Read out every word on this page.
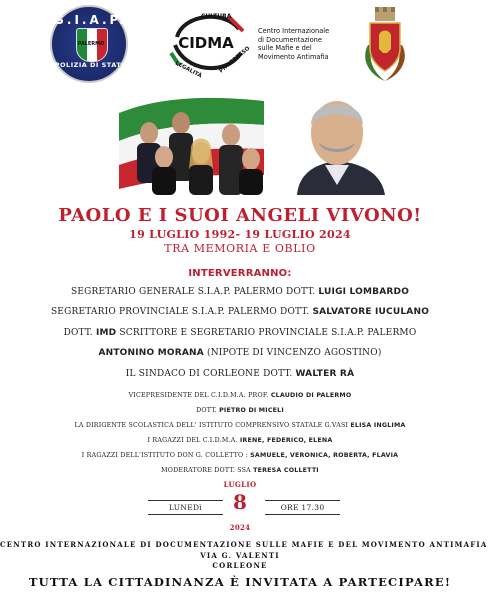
S.I.A.P.
PALERMO
POLIZIA DI STATO
CULTURA
CIDMA
LEGALITÀ	PROGRESSO
Centro Internazionale
di Documentazione
sulle Mafie e del
Movimento Antimafia
PAOLO E I SUOI ANGELI VIVONO!
19 LUGLIO 1992- 19 LUGLIO 2024
TRA MEMORIA E OBLIO
INTERVERRANNO:
SEGRETARIO GENERALE S.I.A.P. PALERMO DOTT. LUIGI LOMBARDO
SEGRETARIO PROVINCIALE S.I.A.P. PALERMO DOTT. SALVATORE IUCULANO
DOTT. IMD SCRITTORE E SEGRETARIO PROVINCIALE S.I.A.P. PALERMO
ANTONINO MORANA (NIPOTE DI VINCENZO AGOSTINO)
IL SINDACO DI CORLEONE DOTT. WALTER RÀ
VICEPRESIDENTE DEL C.I.D.M.A. PROF. CLAUDIO DI PALERMO
DOTT. PIETRO DI MICELI
LA DIRIGENTE SCOLASTICA DELL' ISTITUTO COMPRENSIVO STATALE G.VASI ELISA INGLIMA
I RAGAZZI DEL C.I.D.M.A. IRENE, FEDERICO, ELENA
I RAGAZZI DELL'ISTITUTO DON G. COLLETTO : SAMUELE, VERONICA, ROBERTA, FLAVIA
MODERATORE DOTT. SSA TERESA COLLETTI
LUGLIO
LUNEDì	8	ORE 17.30
2024
CENTRO INTERNAZIONALE DI DOCUMENTAZIONE SULLE MAFIE E DEL MOVIMENTO ANTIMAFIA
VIA G. VALENTI
CORLEONE
TUTTA LA CITTADINANZA È INVITATA A PARTECIPARE!
